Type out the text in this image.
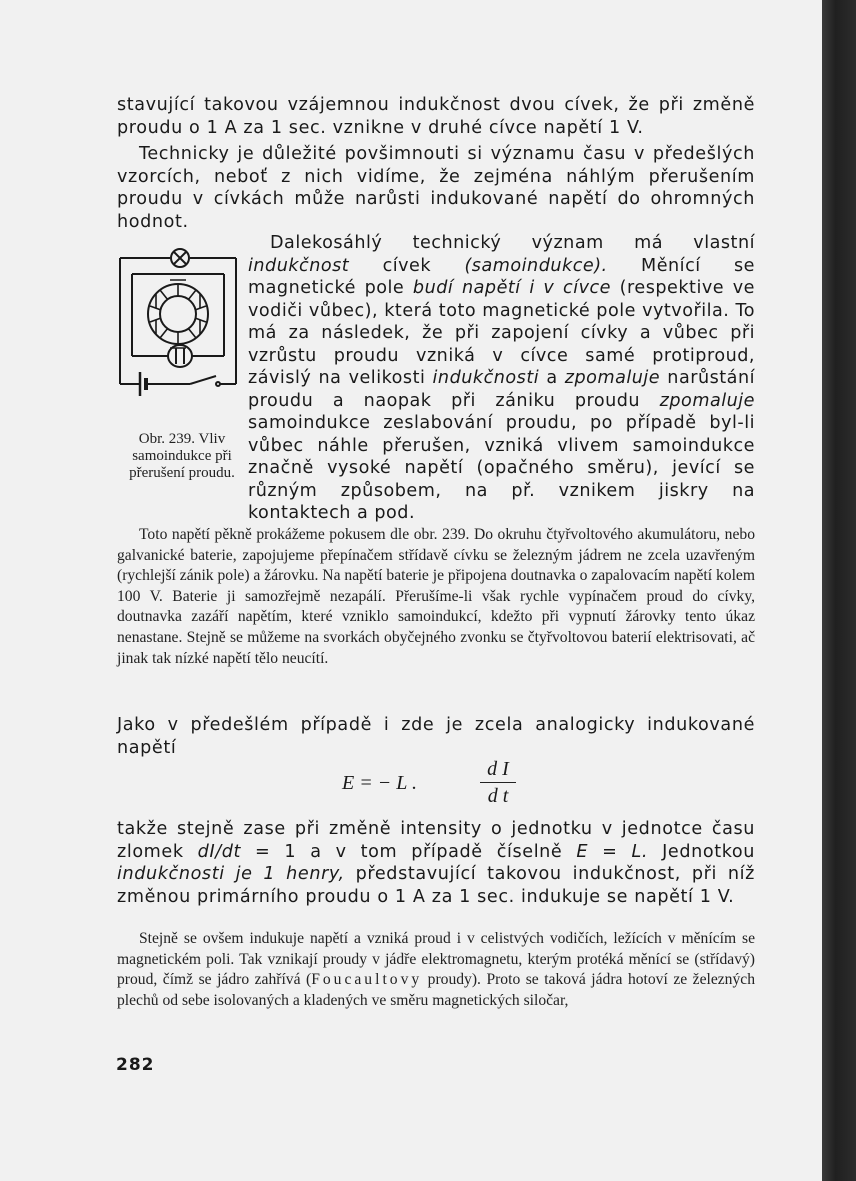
stavující takovou vzájemnou indukčnost dvou cívek, že při změně proudu o 1 A za 1 sec. vznikne v druhé cívce napětí 1 V.
Technicky je důležité povšimnouti si významu času v předešlých vzorcích, neboť z nich vidíme, že zejména náhlým přerušením proudu v cívkách může narůsti indukované napětí do ohromných hodnot.
Obr. 239. Vliv samoindukce při přerušení proudu.
Dalekosáhlý technický význam má vlastní indukčnost cívek (samoindukce). Měnící se magnetické pole budí napětí i v cívce (respektive ve vodiči vůbec), která toto magnetické pole vytvořila. To má za následek, že při zapojení cívky a vůbec při vzrůstu proudu vzniká v cívce samé protiproud, závislý na velikosti indukčnosti a zpomaluje narůstání proudu a naopak při zániku proudu zpomaluje samoindukce zeslabování proudu, po případě byl-li vůbec náhle přerušen, vzniká vlivem samoindukce značně vysoké napětí (opačného směru), jevící se různým způsobem, na př. vznikem jiskry na kontaktech a pod.
Toto napětí pěkně prokážeme pokusem dle obr. 239. Do okruhu čtyřvoltového akumulátoru, nebo galvanické baterie, zapojujeme přepínačem střídavě cívku se železným jádrem ne zcela uzavřeným (rychlejší zánik pole) a žárovku. Na napětí baterie je připojena doutnavka o zapalovacím napětí kolem 100 V. Baterie ji samozřejmě nezapálí. Přerušíme-li však rychle vypínačem proud do cívky, doutnavka zazáří napětím, které vzniklo samoindukcí, kdežto při vypnutí žárovky tento úkaz nenastane. Stejně se můžeme na svorkách obyčejného zvonku se čtyřvoltovou baterií elektrisovati, ač jinak tak nízké napětí tělo neucítí.
Jako v předešlém případě i zde je zcela analogicky indukované napětí
E = − L .
d I
d t
takže stejně zase při změně intensity o jednotku v jednotce času zlomek dI/dt = 1 a v tom případě číselně E = L. Jednotkou indukčnosti je 1 henry, představující takovou indukčnost, při níž změnou primárního proudu o 1 A za 1 sec. indukuje se napětí 1 V.
Stejně se ovšem indukuje napětí a vzniká proud i v celistvých vodičích, ležících v měnícím se magnetickém poli. Tak vznikají proudy v jádře elektromagnetu, kterým protéká měnící se (střídavý) proud, čímž se jádro zahřívá (Foucaultovy proudy). Proto se taková jádra hotoví ze železných plechů od sebe isolovaných a kladených ve směru magnetických siločar,
282
